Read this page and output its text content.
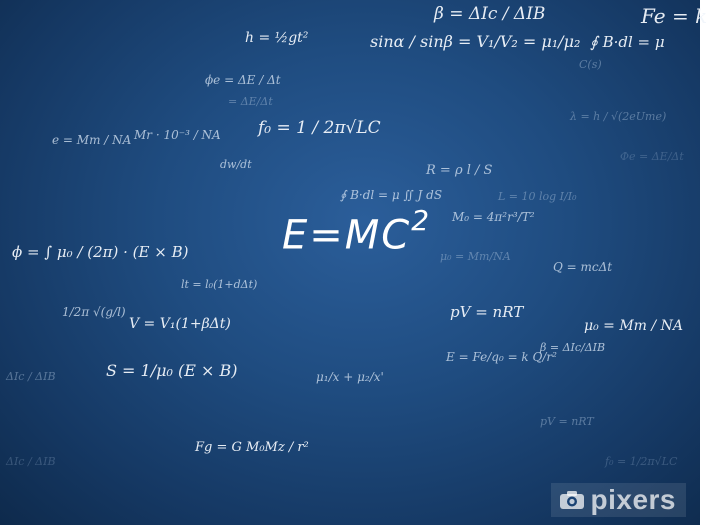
β = ΔIc / ΔIB	Fe = k
h = ½gt²	sinα / sinβ = V₁/V₂ = μ₁/μ₂ ∮ B·dl = μ
ϕe = ΔE / Δt
f₀ = 1 / 2π√LC
R = ρ l / S
∮ B·dl = μ ∬ J dS	L = 10 log I/I₀
ϕ = ∫ μ₀ / (2π) · (E × B)
M₀ = 4π²r³/T²
Q = mcΔt
pV = nRT
S = 1/μ₀ (E × B)
V = V₁(1+βΔt)
lt = l₀(1+dΔt)
β = ΔIc/ΔIB
μ₀ = Mm / NA
Fg = G M₀Mz / r²
E = Fe/q₀ = k Q/r²
μ₁/x + μ₂/x'
λ = h / √(2eUme)
C(s)
= ΔE/Δt
dw/dt
pV = nRT
Mr · 10⁻³ / NA
e = Mm / NA
μ₀ = Mm/NA
ΔIc / ΔIB
f₀ = 1/2π√LC
Φe = ΔE/Δt
ΔIc / ΔIB
1/2π √(g/l)
$E=MC^2$
pixers
